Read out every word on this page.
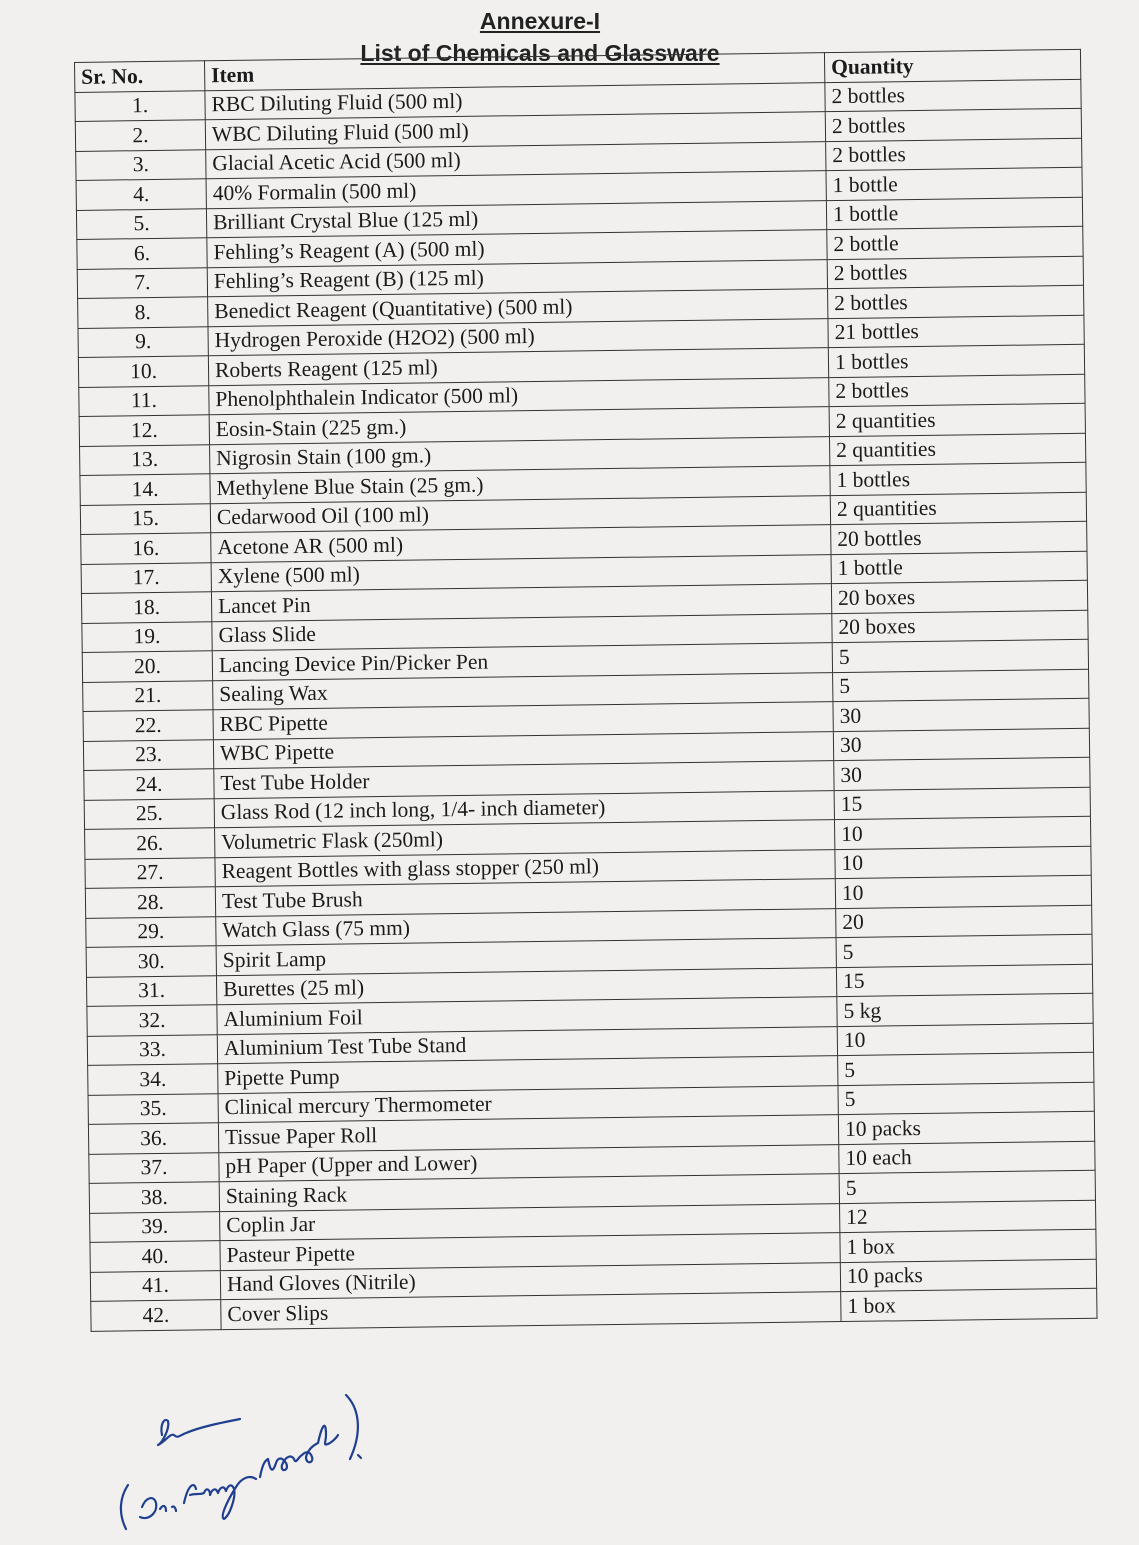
Annexure-I
List of Chemicals and Glassware
Sr. No.	Item	Quantity
1.	RBC Diluting Fluid (500 ml)	2 bottles
2.	WBC Diluting Fluid (500 ml)	2 bottles
3.	Glacial Acetic Acid (500 ml)	2 bottles
4.	40% Formalin (500 ml)	1 bottle
5.	Brilliant Crystal Blue (125 ml)	1 bottle
6.	Fehling’s Reagent (A) (500 ml)	2 bottle
7.	Fehling’s Reagent (B) (125 ml)	2 bottles
8.	Benedict Reagent (Quantitative) (500 ml)	2 bottles
9.	Hydrogen Peroxide (H2O2) (500 ml)	21 bottles
10.	Roberts Reagent (125 ml)	1 bottles
11.	Phenolphthalein Indicator (500 ml)	2 bottles
12.	Eosin-Stain (225 gm.)	2 quantities
13.	Nigrosin Stain (100 gm.)	2 quantities
14.	Methylene Blue Stain (25 gm.)	1 bottles
15.	Cedarwood Oil (100 ml)	2 quantities
16.	Acetone AR (500 ml)	20 bottles
17.	Xylene (500 ml)	1 bottle
18.	Lancet Pin	20 boxes
19.	Glass Slide	20 boxes
20.	Lancing Device Pin/Picker Pen	5
21.	Sealing Wax	5
22.	RBC Pipette	30
23.	WBC Pipette	30
24.	Test Tube Holder	30
25.	Glass Rod (12 inch long, 1/4- inch diameter)	15
26.	Volumetric Flask (250ml)	10
27.	Reagent Bottles with glass stopper (250 ml)	10
28.	Test Tube Brush	10
29.	Watch Glass (75 mm)	20
30.	Spirit Lamp	5
31.	Burettes (25 ml)	15
32.	Aluminium Foil	5 kg
33.	Aluminium Test Tube Stand	10
34.	Pipette Pump	5
35.	Clinical mercury Thermometer	5
36.	Tissue Paper Roll	10 packs
37.	pH Paper (Upper and Lower)	10 each
38.	Staining Rack	5
39.	Coplin Jar	12
40.	Pasteur Pipette	1 box
41.	Hand Gloves (Nitrile)	10 packs
42.	Cover Slips	1 box
